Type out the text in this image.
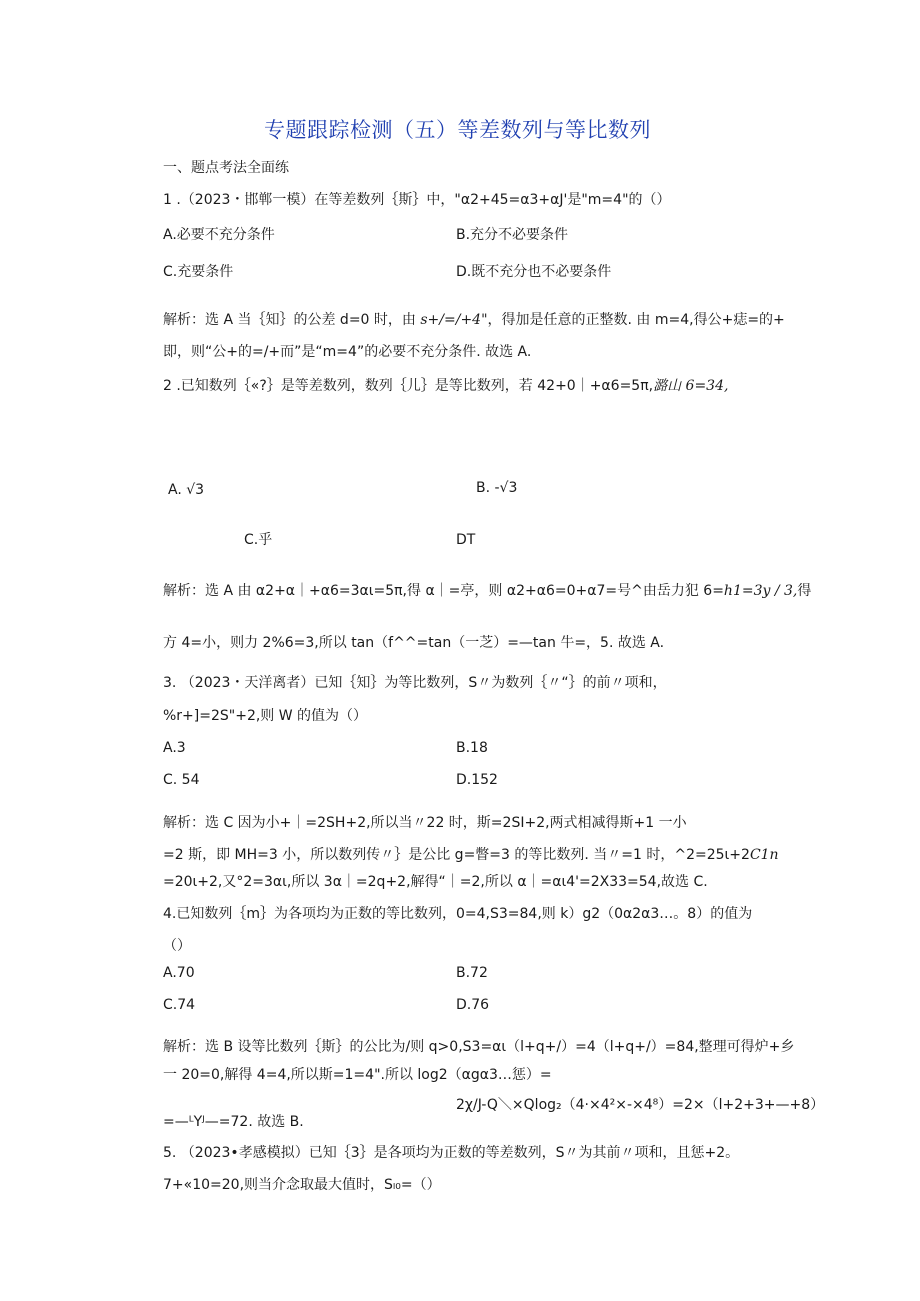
专题跟踪检测（五）等差数列与等比数列
一、题点考法全面练
1 .（2023・邯郸一模）在等差数列｛斯｝中，"α2+45=α3+αJ'是"m=4"的（）
A.必要不充分条件	B.充分不必要条件
C.充要条件	D.既不充分也不必要条件
解析：选 A 当｛知｝的公差 d=0 时，由 s+/=/+4"，得加是任意的正整数. 由 m=4,得公+痣=的+
即，则“公+的=/+而”是“m=4”的必要不充分条件. 故选 A.
2 .已知数列｛«?｝是等差数列，数列｛儿｝是等比数列，若 42+0｜+α6=5π,潞山 6=34,
A. √3	B. -√3
C.乎	DT
解析：选 A 由 α2+α｜+α6=3αι=5π,得 α｜=亭，则 α2+α6=0+α7=号^由岳力犯 6=h1=3y / 3,得
方 4=小，则力 2%6=3,所以 tan（f^^=tan（一芝）=—tan 牛=，5. 故选 A.
3. （2023・天洋离者）已知｛知｝为等比数列，S〃为数列｛〃“｝的前〃项和，
%r+]=2S"+2,则 W 的值为（）
A.3	B.18
C. 54	D.152
解析：选 C 因为小+｜=2SH+2,所以当〃22 时，斯=2SI+2,两式相减得斯+1 一小
=2 斯，即 MH=3 小，所以数列传〃｝是公比 g=瞥=3 的等比数列. 当〃=1 时，^2=25ι+2C1n
=20ι+2,又°2=3αι,所以 3α｜=2q+2,解得“｜=2,所以 α｜=αι4'=2X33=54,故选 C.
4.已知数列｛m｝为各项均为正数的等比数列，0=4,S3=84,则 k）g2（0α2α3…。8）的值为
（）
A.70	B.72
C.74	D.76
解析：选 B 设等比数列｛斯｝的公比为/则 q>0,S3=αι（l+q+/）=4（l+q+/）=84,整理可得炉+乡
一 20=0,解得 4=4,所以斯=1=4".所以 log2（αgα3…惩）=
2χ/J-Q＼×Qlog₂（4·×4²×-×4⁸）=2×（l+2+3+—+8）
=—ᴸYᴶ—=72. 故选 B.
5. （2023•孝感模拟）已知｛3｝是各项均为正数的等差数列，S〃为其前〃项和，且惩+2。
7+«10=20,则当介念取最大值时，Sₗ₀=（）
